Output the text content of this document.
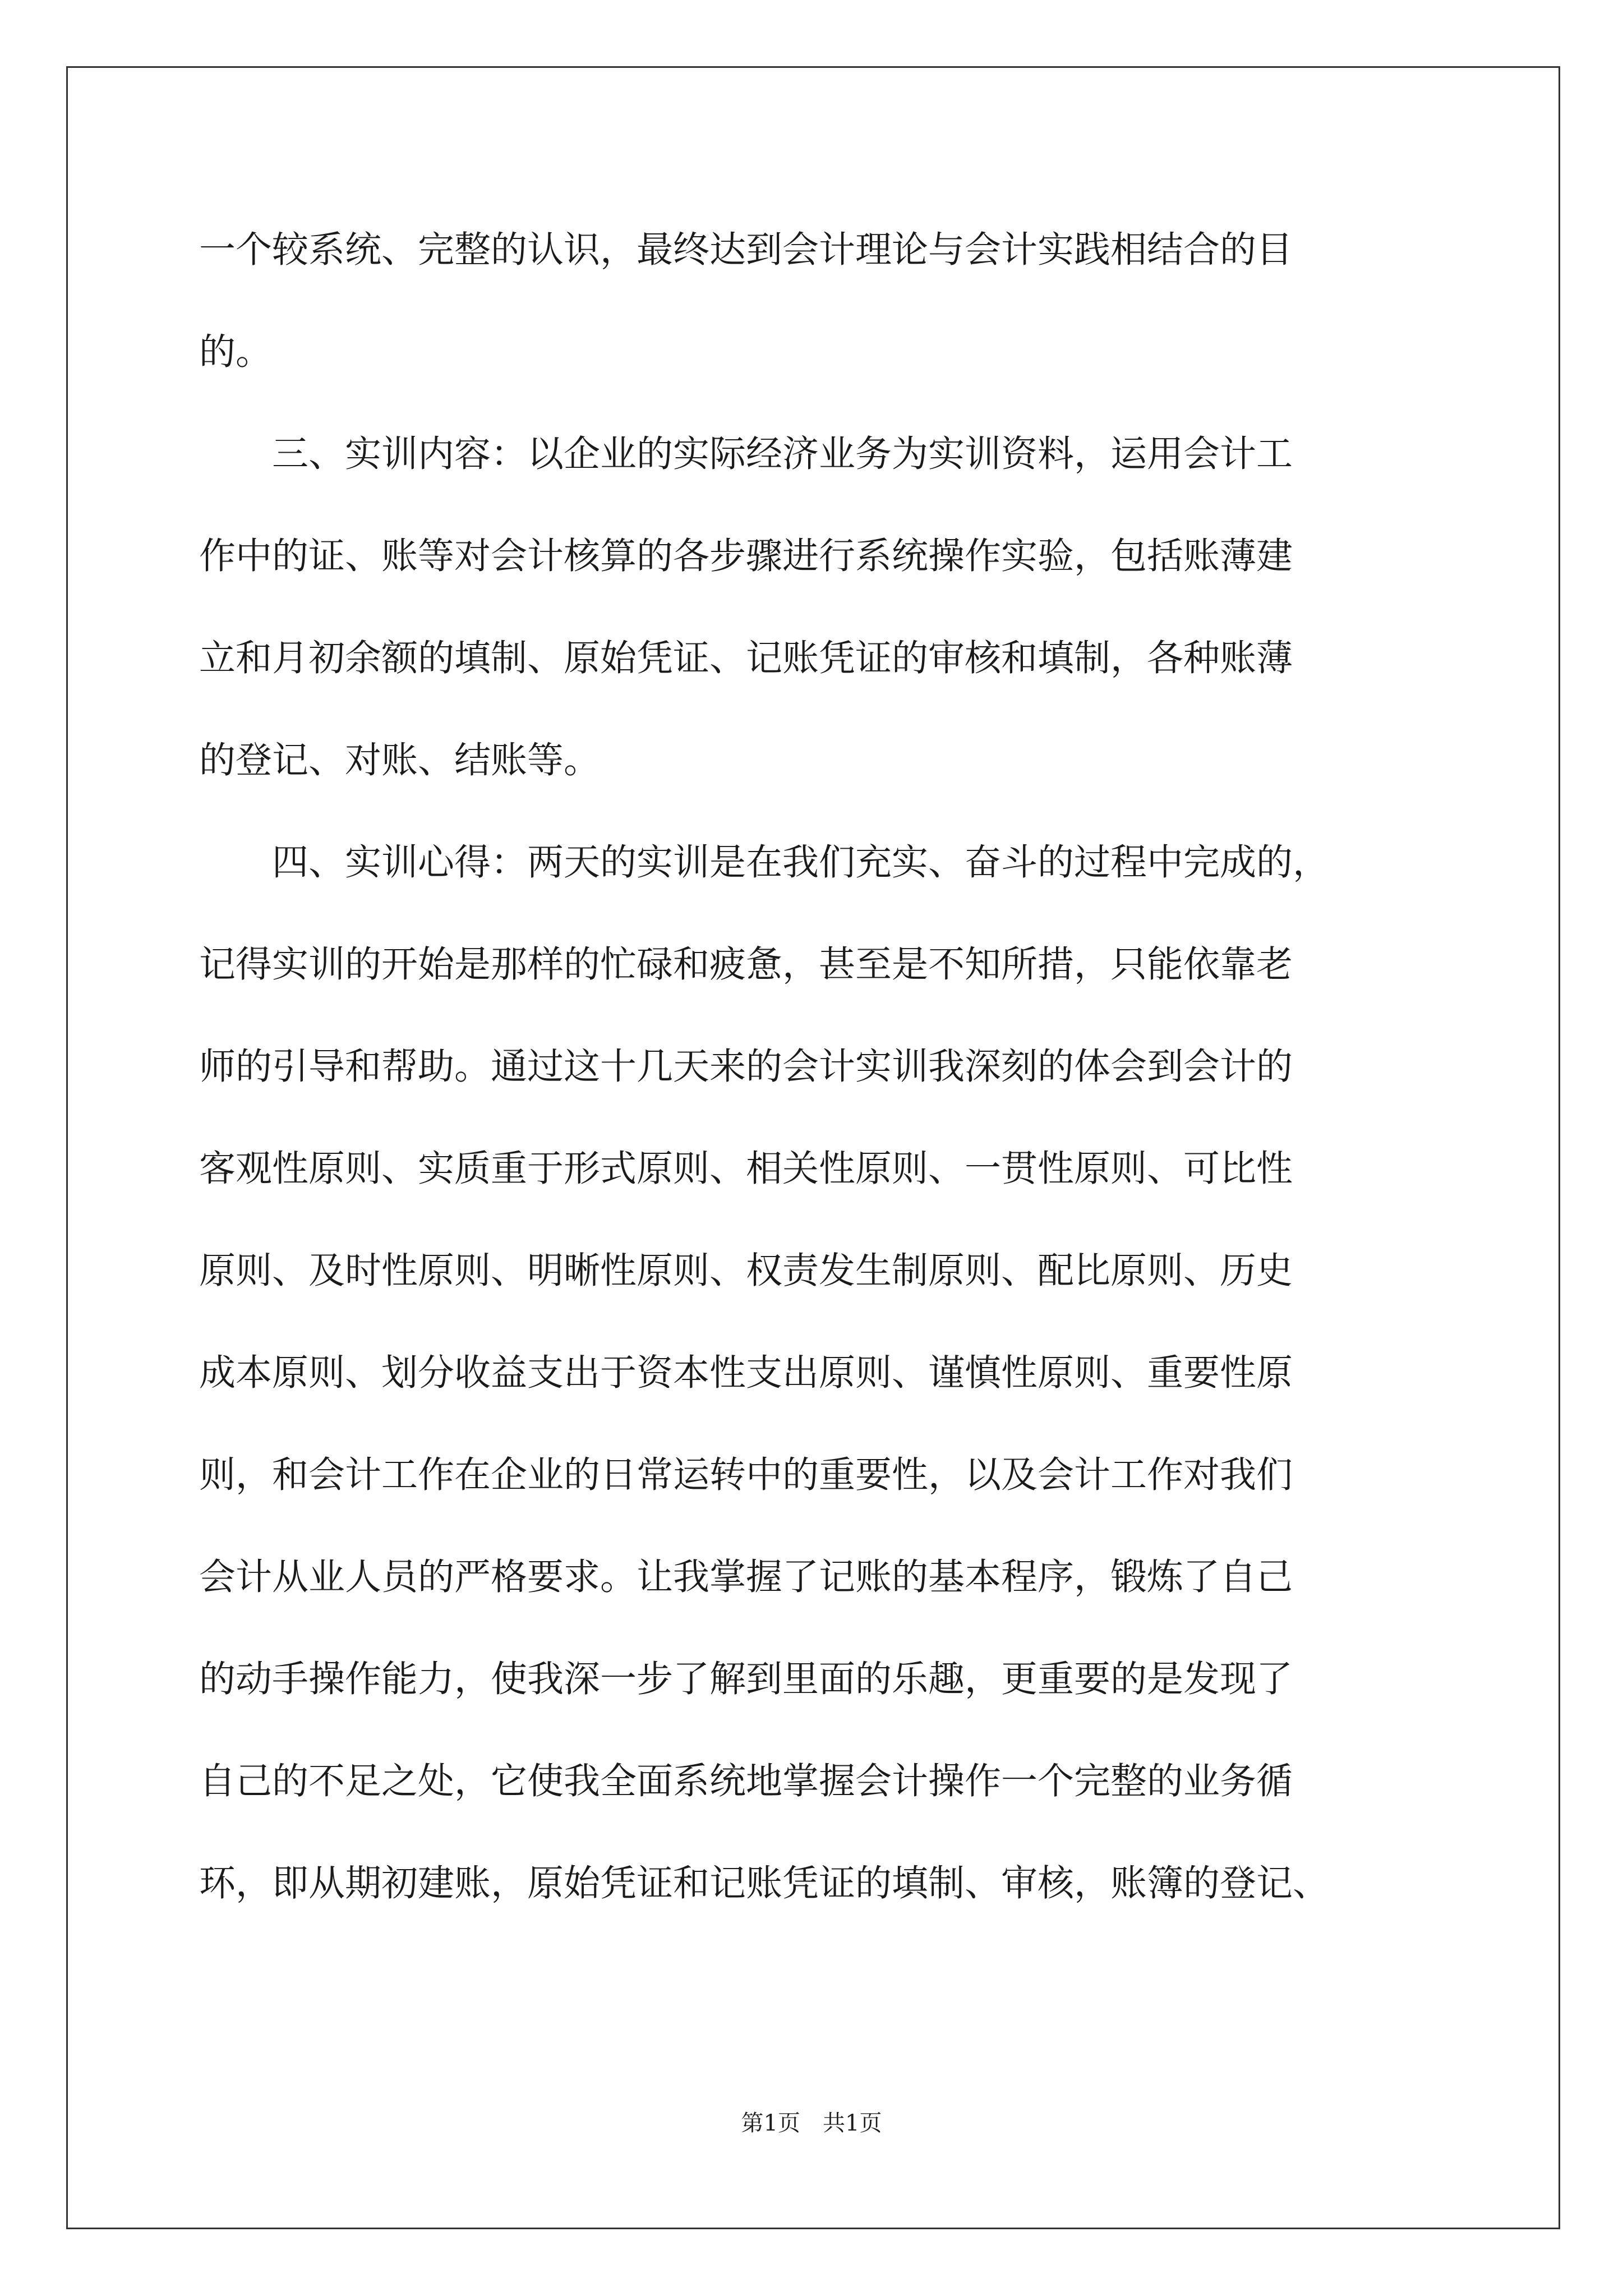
一个较系统、完整的认识，最终达到会计理论与会计实践相结合的目
的。
　　三、实训内容：以企业的实际经济业务为实训资料，运用会计工
作中的证、账等对会计核算的各步骤进行系统操作实验，包括账薄建
立和月初余额的填制、原始凭证、记账凭证的审核和填制，各种账薄
的登记、对账、结账等。
　　四、实训心得：两天的实训是在我们充实、奋斗的过程中完成的，
记得实训的开始是那样的忙碌和疲惫，甚至是不知所措，只能依靠老
师的引导和帮助。通过这十几天来的会计实训我深刻的体会到会计的
客观性原则、实质重于形式原则、相关性原则、一贯性原则、可比性
原则、及时性原则、明晰性原则、权责发生制原则、配比原则、历史
成本原则、划分收益支出于资本性支出原则、谨慎性原则、重要性原
则，和会计工作在企业的日常运转中的重要性，以及会计工作对我们
会计从业人员的严格要求。让我掌握了记账的基本程序，锻炼了自己
的动手操作能力，使我深一步了解到里面的乐趣，更重要的是发现了
自己的不足之处，它使我全面系统地掌握会计操作一个完整的业务循
环，即从期初建账，原始凭证和记账凭证的填制、审核，账簿的登记、
第1页　共1页
